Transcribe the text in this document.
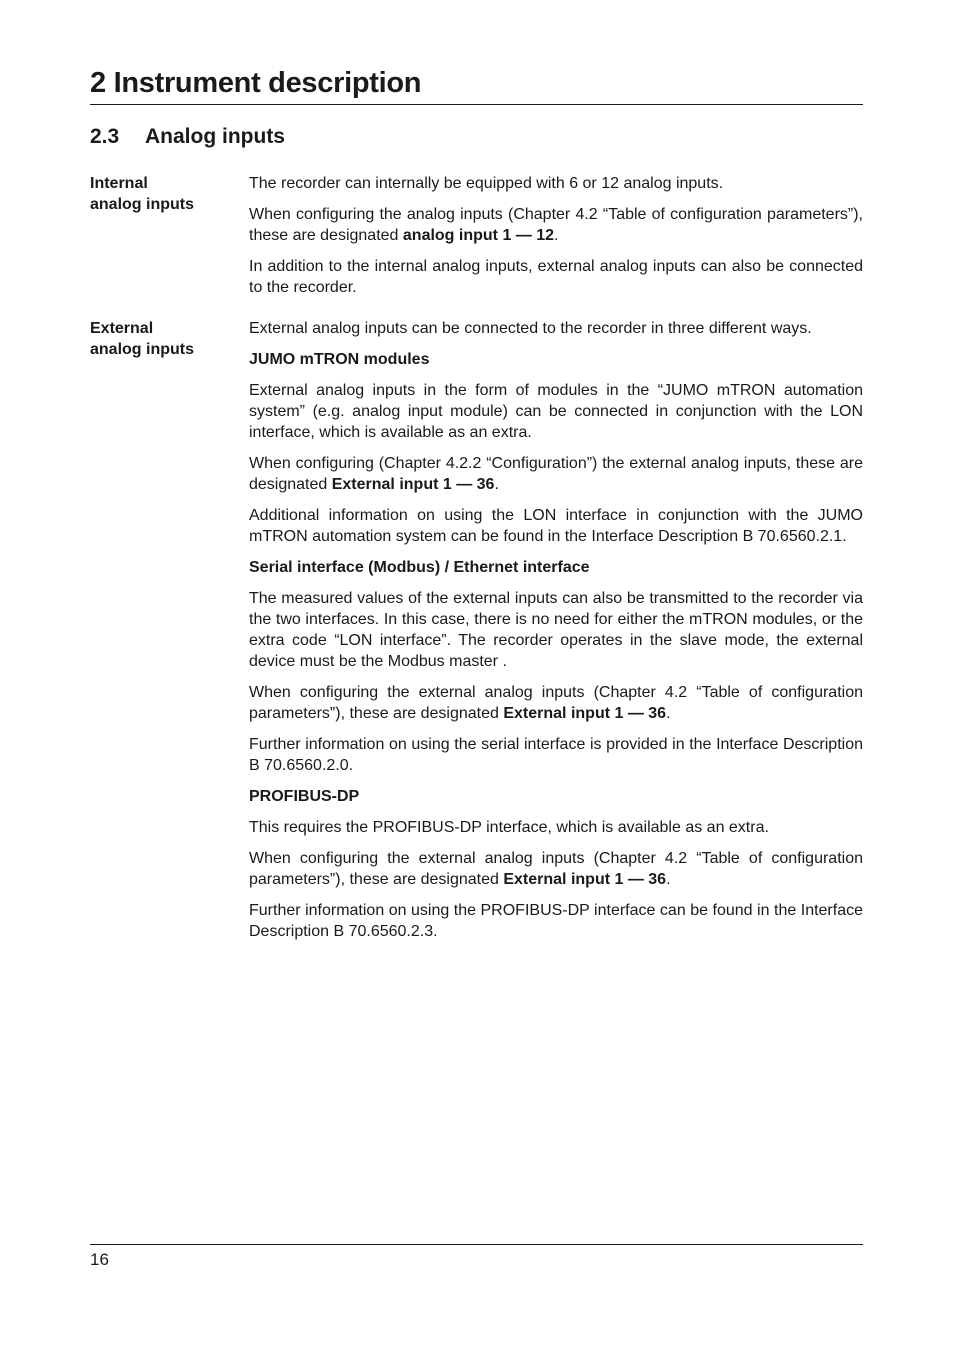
2 Instrument description
2.3 Analog inputs
Internal
analog inputs

The recorder can internally be equipped with 6 or 12 analog inputs.

When configuring the analog inputs (Chapter 4.2 “Table of configuration parameters”), these are designated analog input 1 — 12.

In addition to the internal analog inputs, external analog inputs can also be connected to the recorder.

External
analog inputs

External analog inputs can be connected to the recorder in three different ways.

JUMO mTRON modules

External analog inputs in the form of modules in the “JUMO mTRON automation system” (e.g. analog input module) can be connected in conjunction with the LON interface, which is available as an extra.

When configuring (Chapter 4.2.2 “Configuration”) the external analog inputs, these are designated External input 1 — 36.

Additional information on using the LON interface in conjunction with the JUMO mTRON automation system can be found in the Interface Description B 70.6560.2.1.

Serial interface (Modbus) / Ethernet interface

The measured values of the external inputs can also be transmitted to the recorder via the two interfaces. In this case, there is no need for either the mTRON modules, or the extra code “LON interface”. The recorder operates in the slave mode, the external device must be the Modbus master .

When configuring the external analog inputs (Chapter 4.2 “Table of configuration parameters”), these are designated External input 1 — 36.

Further information on using the serial interface is provided in the Interface Description B 70.6560.2.0.

PROFIBUS-DP

This requires the PROFIBUS-DP interface, which is available as an extra.

When configuring the external analog inputs (Chapter 4.2 “Table of configuration parameters”), these are designated External input 1 — 36.

Further information on using the PROFIBUS-DP interface can be found in the Interface Description B 70.6560.2.3.

16
